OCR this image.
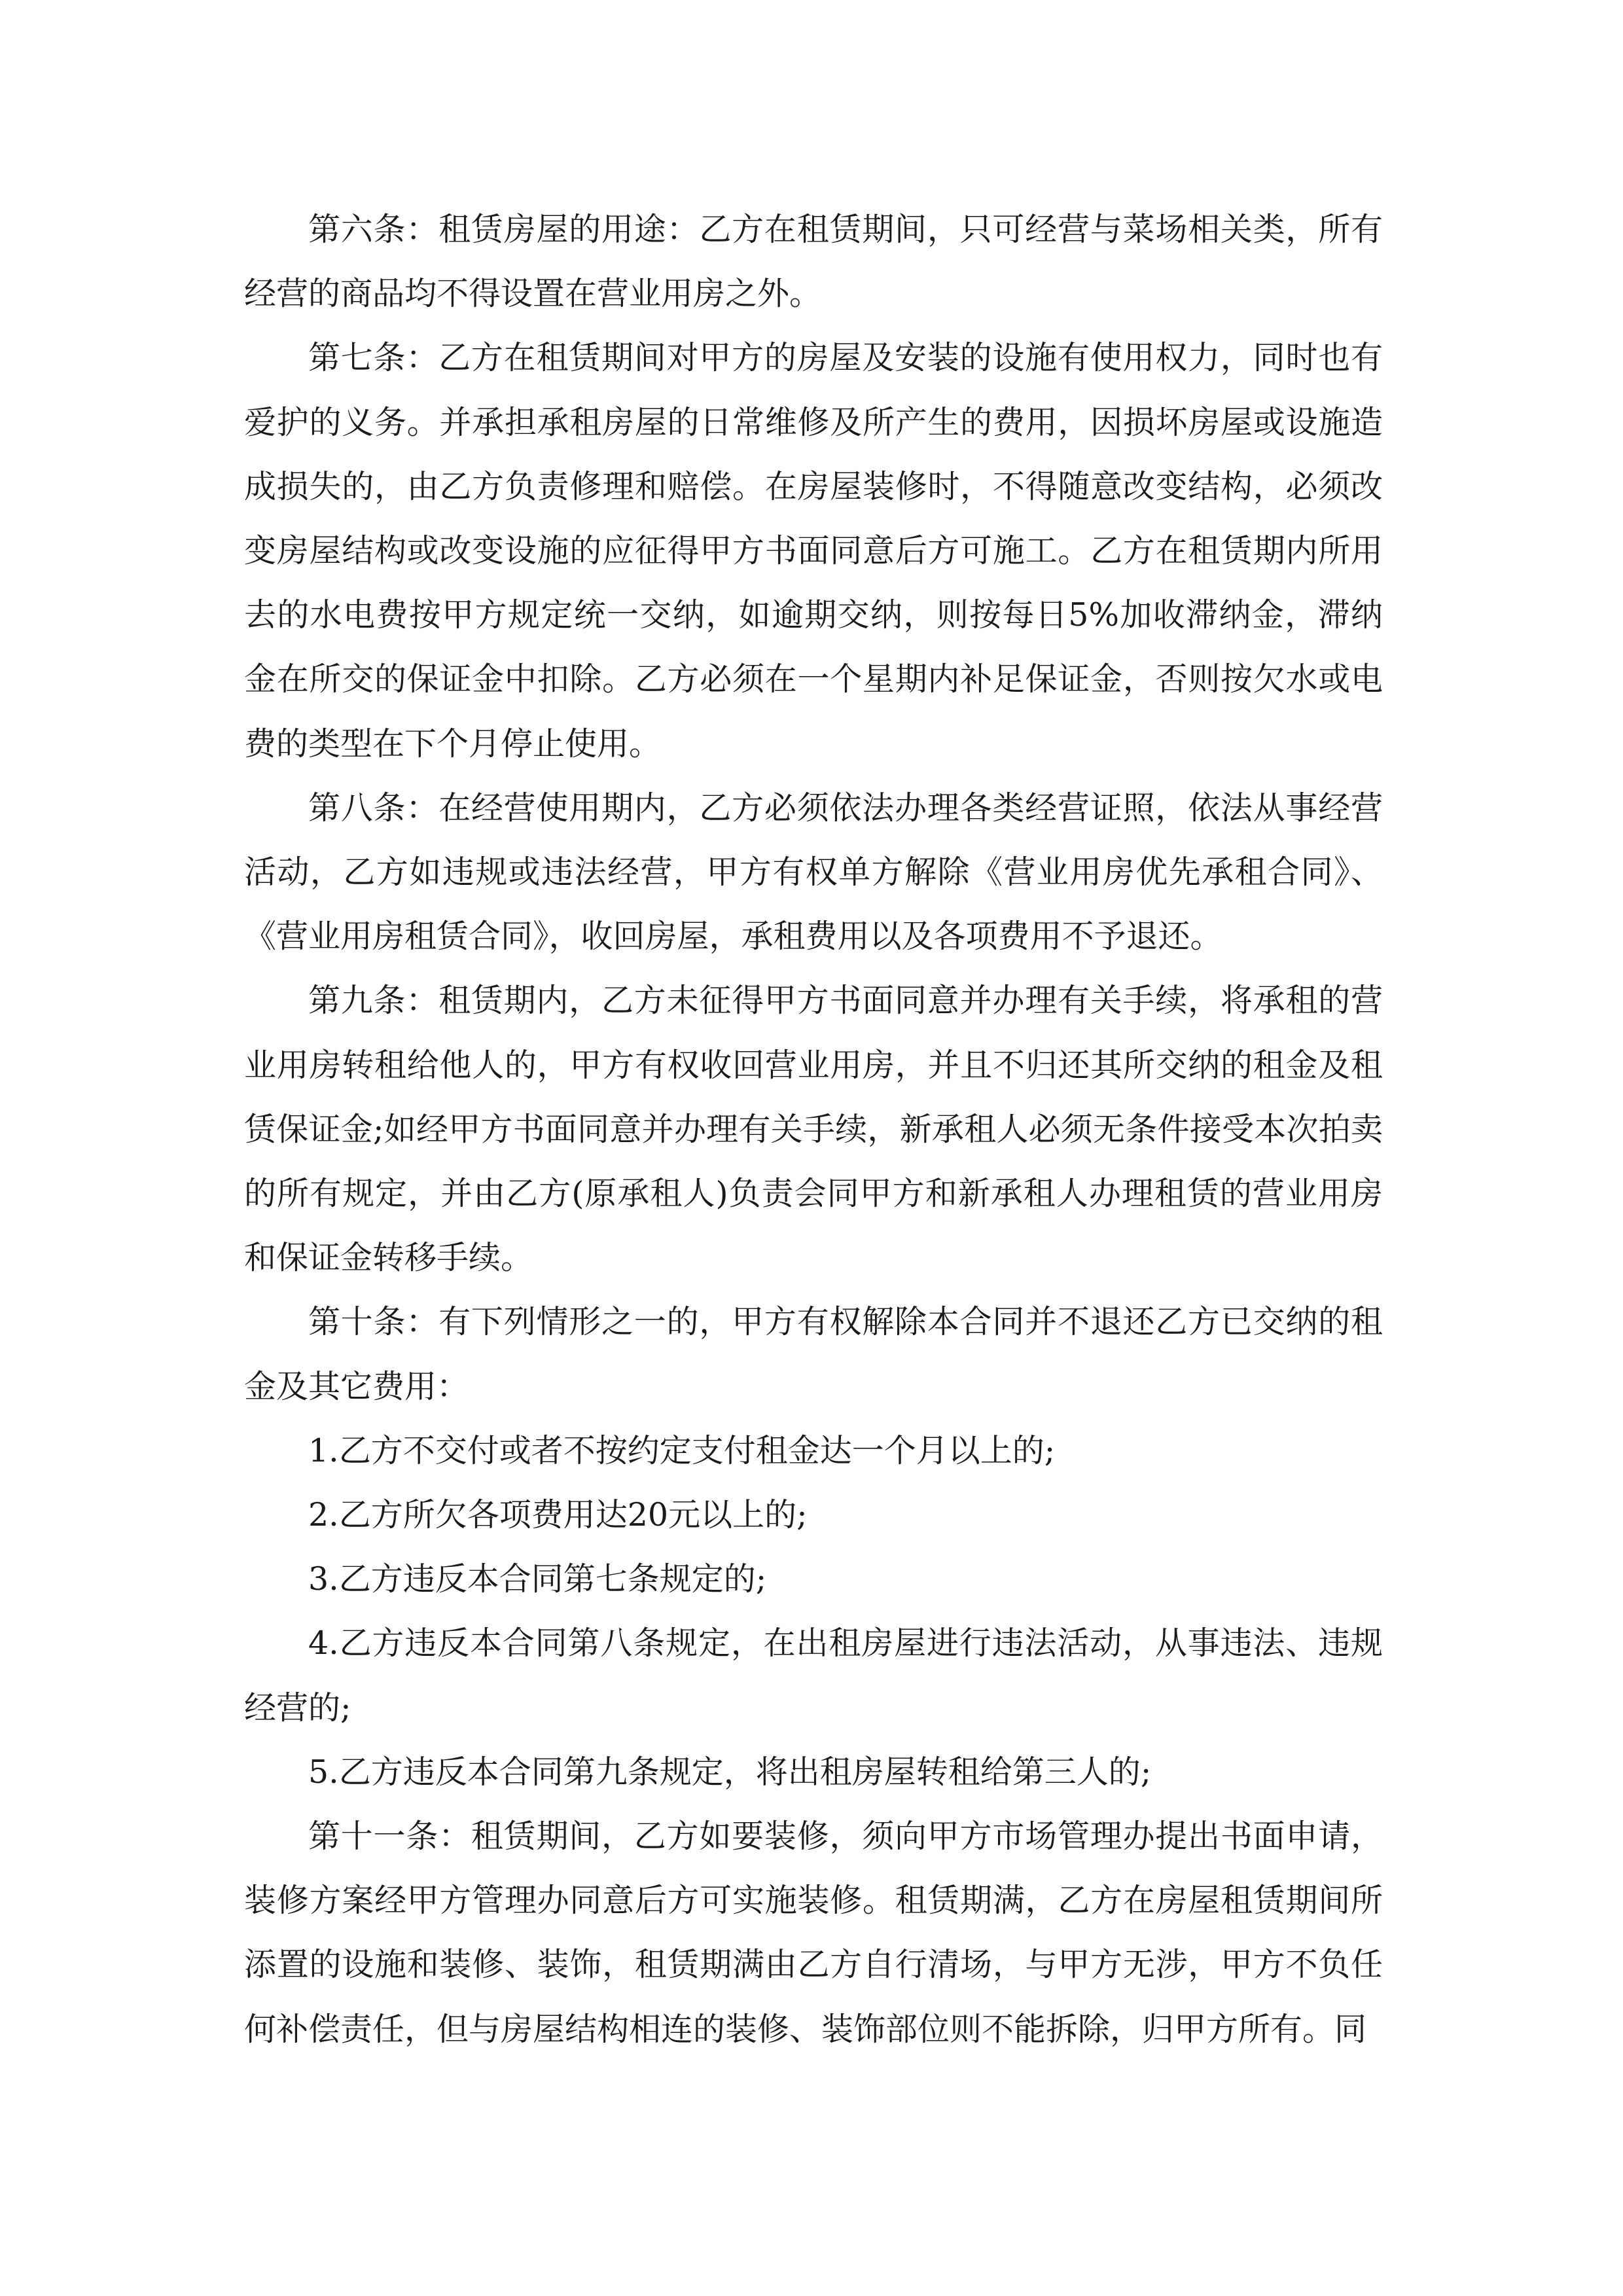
第六条：租赁房屋的用途：乙方在租赁期间，只可经营与菜场相关类，所有经营的商品均不得设置在营业用房之外。

第七条：乙方在租赁期间对甲方的房屋及安装的设施有使用权力，同时也有爱护的义务。并承担承租房屋的日常维修及所产生的费用，因损坏房屋或设施造成损失的，由乙方负责修理和赔偿。在房屋装修时，不得随意改变结构，必须改变房屋结构或改变设施的应征得甲方书面同意后方可施工。乙方在租赁期内所用去的水电费按甲方规定统一交纳，如逾期交纳，则按每日5%加收滞纳金，滞纳金在所交的保证金中扣除。乙方必须在一个星期内补足保证金，否则按欠水或电费的类型在下个月停止使用。

第八条：在经营使用期内，乙方必须依法办理各类经营证照，依法从事经营活动，乙方如违规或违法经营，甲方有权单方解除《营业用房优先承租合同》、《营业用房租赁合同》，收回房屋，承租费用以及各项费用不予退还。

第九条：租赁期内，乙方未征得甲方书面同意并办理有关手续，将承租的营业用房转租给他人的，甲方有权收回营业用房，并且不归还其所交纳的租金及租赁保证金;如经甲方书面同意并办理有关手续，新承租人必须无条件接受本次拍卖的所有规定，并由乙方(原承租人)负责会同甲方和新承租人办理租赁的营业用房和保证金转移手续。

第十条：有下列情形之一的，甲方有权解除本合同并不退还乙方已交纳的租金及其它费用：

1.乙方不交付或者不按约定支付租金达一个月以上的;

2.乙方所欠各项费用达20元以上的;

3.乙方违反本合同第七条规定的;

4.乙方违反本合同第八条规定，在出租房屋进行违法活动，从事违法、违规经营的;

5.乙方违反本合同第九条规定，将出租房屋转租给第三人的;

第十一条：租赁期间，乙方如要装修，须向甲方市场管理办提出书面申请，装修方案经甲方管理办同意后方可实施装修。租赁期满，乙方在房屋租赁期间所添置的设施和装修、装饰，租赁期满由乙方自行清场，与甲方无涉，甲方不负任何补偿责任，但与房屋结构相连的装修、装饰部位则不能拆除，归甲方所有。同
